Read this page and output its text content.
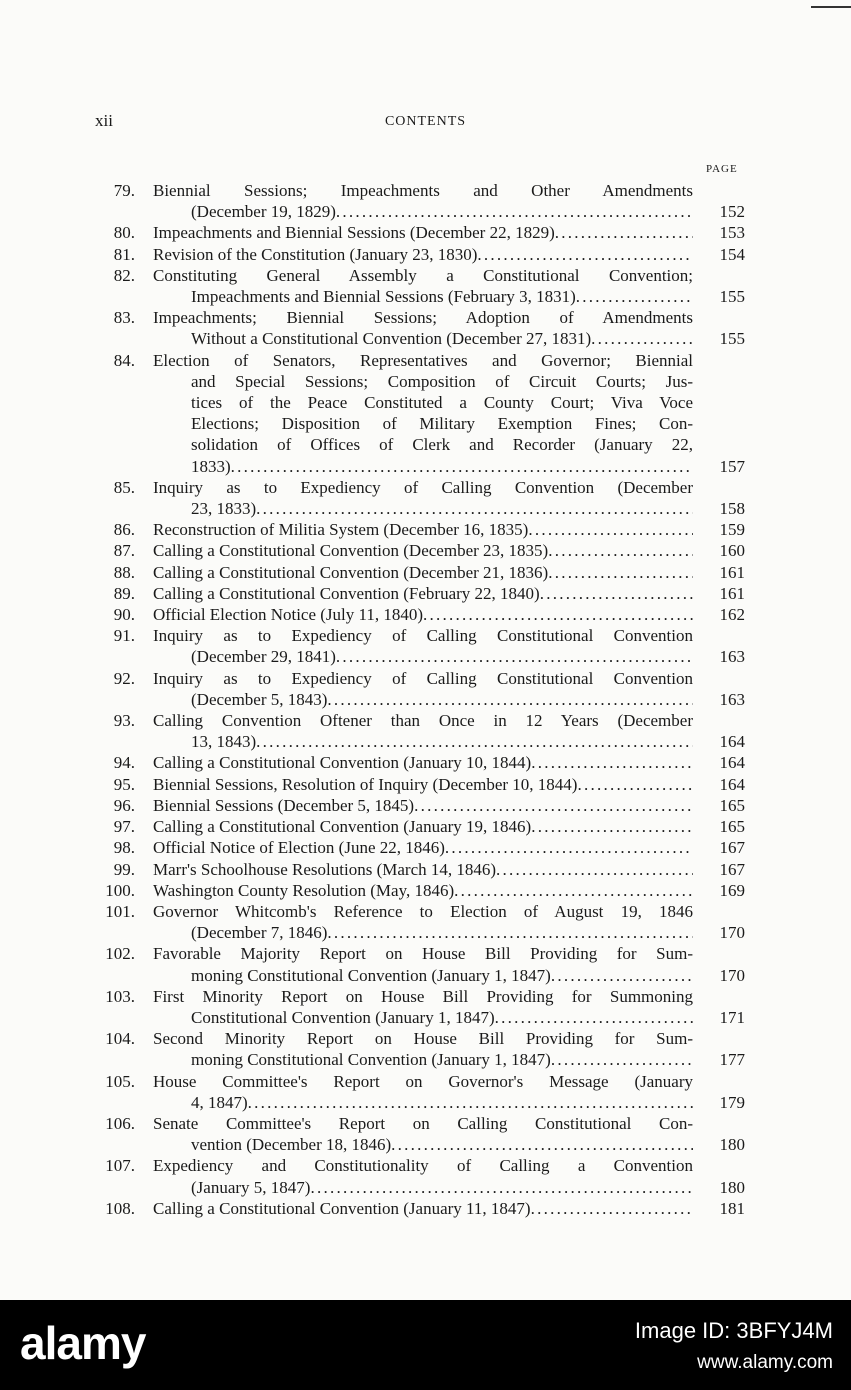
xii	CONTENTS
PAGE
79. Biennial Sessions; Impeachments and Other Amendments
(December 19, 1829) . . .	152
80. Impeachments and Biennial Sessions (December 22, 1829) . . .	153
81. Revision of the Constitution (January 23, 1830) . . .	154
82. Constituting General Assembly a Constitutional Convention;
Impeachments and Biennial Sessions (February 3, 1831) . . .	155
83. Impeachments; Biennial Sessions; Adoption of Amendments
Without a Constitutional Convention (December 27, 1831) . . .	155
84. Election of Senators, Representatives and Governor; Biennial
and Special Sessions; Composition of Circuit Courts; Jus-
tices of the Peace Constituted a County Court; Viva Voce
Elections; Disposition of Military Exemption Fines; Con-
solidation of Offices of Clerk and Recorder (January 22,
1833) . . .	157
85. Inquiry as to Expediency of Calling Convention (December
23, 1833) . . .	158
86. Reconstruction of Militia System (December 16, 1835) . . .	159
87. Calling a Constitutional Convention (December 23, 1835) . . .	160
88. Calling a Constitutional Convention (December 21, 1836) . . .	161
89. Calling a Constitutional Convention (February 22, 1840) . . .	161
90. Official Election Notice (July 11, 1840) . . .	162
91. Inquiry as to Expediency of Calling Constitutional Convention
(December 29, 1841) . . .	163
92. Inquiry as to Expediency of Calling Constitutional Convention
(December 5, 1843) . . .	163
93. Calling Convention Oftener than Once in 12 Years (December
13, 1843) . . .	164
94. Calling a Constitutional Convention (January 10, 1844) . . .	164
95. Biennial Sessions, Resolution of Inquiry (December 10, 1844) . . .	164
96. Biennial Sessions (December 5, 1845) . . .	165
97. Calling a Constitutional Convention (January 19, 1846) . . .	165
98. Official Notice of Election (June 22, 1846) . . .	167
99. Marr's Schoolhouse Resolutions (March 14, 1846) . . .	167
100. Washington County Resolution (May, 1846) . . .	169
101. Governor Whitcomb's Reference to Election of August 19, 1846
(December 7, 1846) . . .	170
102. Favorable Majority Report on House Bill Providing for Sum-
moning Constitutional Convention (January 1, 1847) . . .	170
103. First Minority Report on House Bill Providing for Summoning
Constitutional Convention (January 1, 1847) . . .	171
104. Second Minority Report on House Bill Providing for Sum-
moning Constitutional Convention (January 1, 1847) . . .	177
105. House Committee's Report on Governor's Message (January
4, 1847) . . .	179
106. Senate Committee's Report on Calling Constitutional Con-
vention (December 18, 1846) . . .	180
107. Expediency and Constitutionality of Calling a Convention
(January 5, 1847) . . .	180
108. Calling a Constitutional Convention (January 11, 1847) . . .	181
alamy	Image ID: 3BFYJ4M
www.alamy.com
